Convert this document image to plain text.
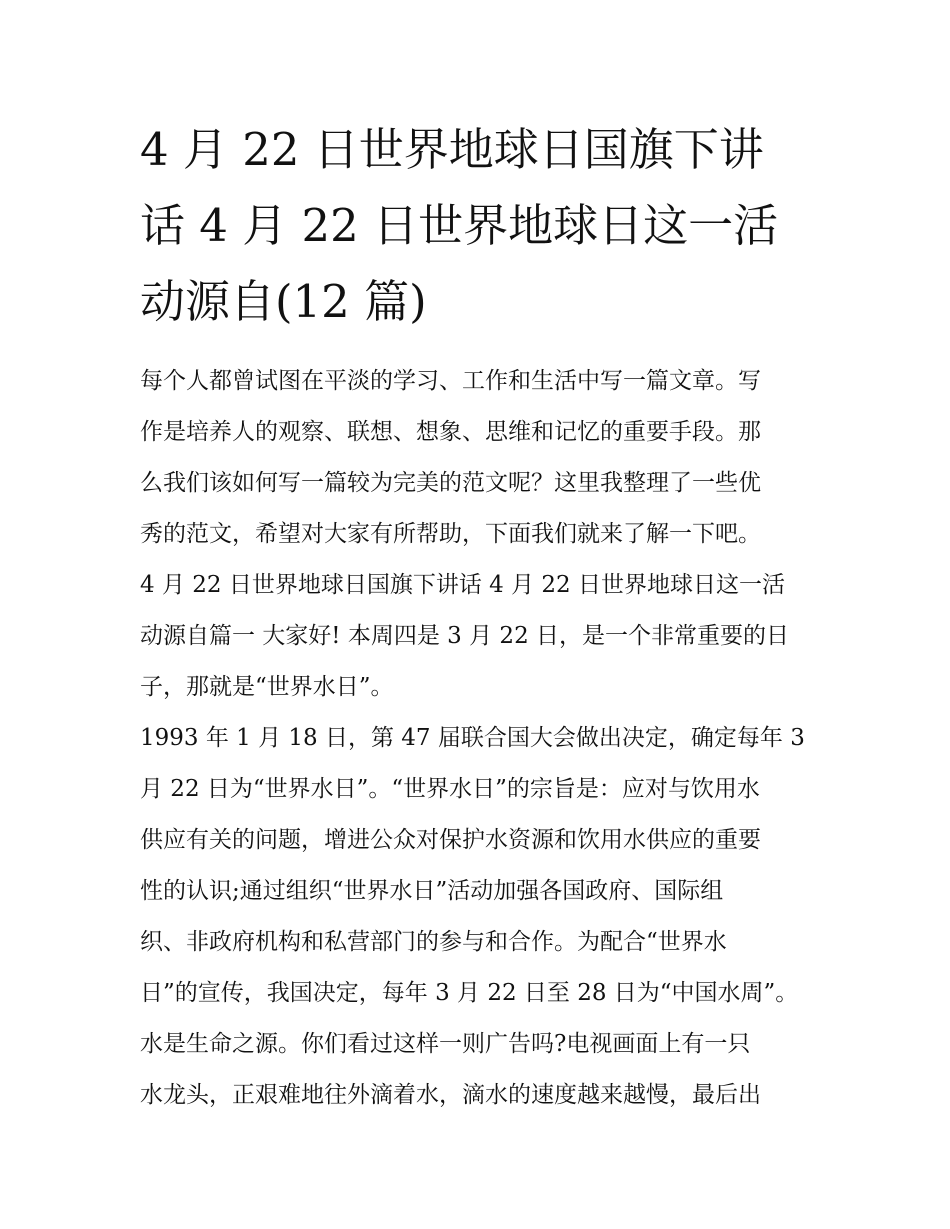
4 月 22 日世界地球日国旗下讲
话 4 月 22 日世界地球日这一活
动源自(12 篇)
每个人都曾试图在平淡的学习、工作和生活中写一篇文章。写
作是培养人的观察、联想、想象、思维和记忆的重要手段。那
么我们该如何写一篇较为完美的范文呢？这里我整理了一些优
秀的范文，希望对大家有所帮助，下面我们就来了解一下吧。
4 月 22 日世界地球日国旗下讲话 4 月 22 日世界地球日这一活
动源自篇一 大家好! 本周四是 3 月 22 日，是一个非常重要的日
子，那就是“世界水日”。
1993 年 1 月 18 日，第 47 届联合国大会做出决定，确定每年 3
月 22 日为“世界水日”。“世界水日”的宗旨是：应对与饮用水
供应有关的问题，增进公众对保护水资源和饮用水供应的重要
性的认识;通过组织“世界水日”活动加强各国政府、国际组
织、非政府机构和私营部门的参与和合作。为配合“世界水
日”的宣传，我国决定，每年 3 月 22 日至 28 日为“中国水周”。
水是生命之源。你们看过这样一则广告吗?电视画面上有一只
水龙头，正艰难地往外滴着水，滴水的速度越来越慢，最后出
